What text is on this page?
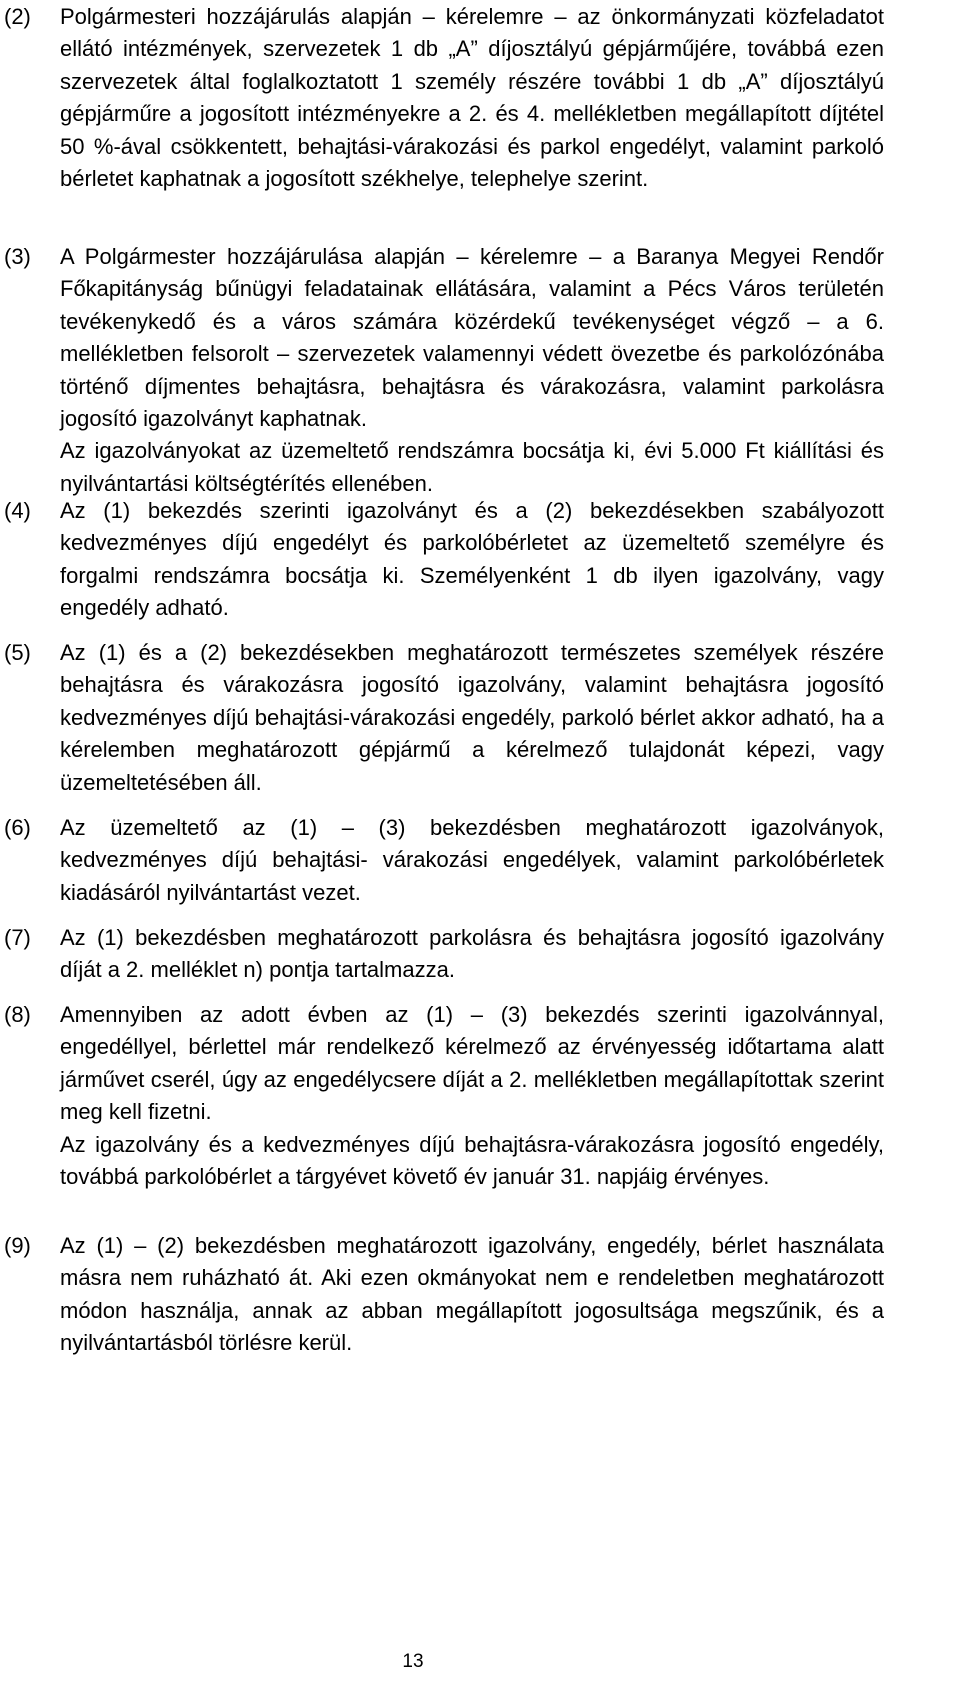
(2) Polgármesteri hozzájárulás alapján – kérelemre – az önkormányzati közfeladatot ellátó intézmények, szervezetek 1 db „A” díjosztályú gépjárműjére, továbbá ezen szervezetek által foglalkoztatott 1 személy részére további 1 db „A” díjosztályú gépjárműre a jogosított intézményekre a 2. és 4. mellékletben megállapított díjtétel 50 %-ával csökkentett, behajtási-várakozási és parkol engedélyt, valamint parkoló bérletet kaphatnak a jogosított székhelye, telephelye szerint.

(3) A Polgármester hozzájárulása alapján – kérelemre – a Baranya Megyei Rendőr Főkapitányság bűnügyi feladatainak ellátására, valamint a Pécs Város területén tevékenykedő és a város számára közérdekű tevékenységet végző – a 6. mellékletben felsorolt – szervezetek valamennyi védett övezetbe és parkolózónába történő díjmentes behajtásra, behajtásra és várakozásra, valamint parkolásra jogosító igazolványt kaphatnak.

Az igazolványokat az üzemeltető rendszámra bocsátja ki, évi 5.000 Ft kiállítási és nyilvántartási költségtérítés ellenében.

(4) Az (1) bekezdés szerinti igazolványt és a (2) bekezdésekben szabályozott kedvezményes díjú engedélyt és parkolóbérletet az üzemeltető személyre és forgalmi rendszámra bocsátja ki. Személyenként 1 db ilyen igazolvány, vagy engedély adható.

(5) Az (1) és a (2) bekezdésekben meghatározott természetes személyek részére behajtásra és várakozásra jogosító igazolvány, valamint behajtásra jogosító kedvezményes díjú behajtási-várakozási engedély, parkoló bérlet akkor adható, ha a kérelemben meghatározott gépjármű a kérelmező tulajdonát képezi, vagy üzemeltetésében áll.

(6) Az üzemeltető az (1) – (3) bekezdésben meghatározott igazolványok, kedvezményes díjú behajtási- várakozási engedélyek, valamint parkolóbérletek kiadásáról nyilvántartást vezet.

(7) Az (1) bekezdésben meghatározott parkolásra és behajtásra jogosító igazolvány díját a 2. melléklet n) pontja tartalmazza.

(8) Amennyiben az adott évben az (1) – (3) bekezdés szerinti igazolvánnyal, engedéllyel, bérlettel már rendelkező kérelmező az érvényesség időtartama alatt járművet cserél, úgy az engedélycsere díját a 2. mellékletben megállapítottak szerint meg kell fizetni.

Az igazolvány és a kedvezményes díjú behajtásra-várakozásra jogosító engedély, továbbá parkolóbérlet a tárgyévet követő év január 31. napjáig érvényes.

(9) Az (1) – (2) bekezdésben meghatározott igazolvány, engedély, bérlet használata másra nem ruházható át. Aki ezen okmányokat nem e rendeletben meghatározott módon használja, annak az abban megállapított jogosultsága megszűnik, és a nyilvántartásból törlésre kerül.

13
